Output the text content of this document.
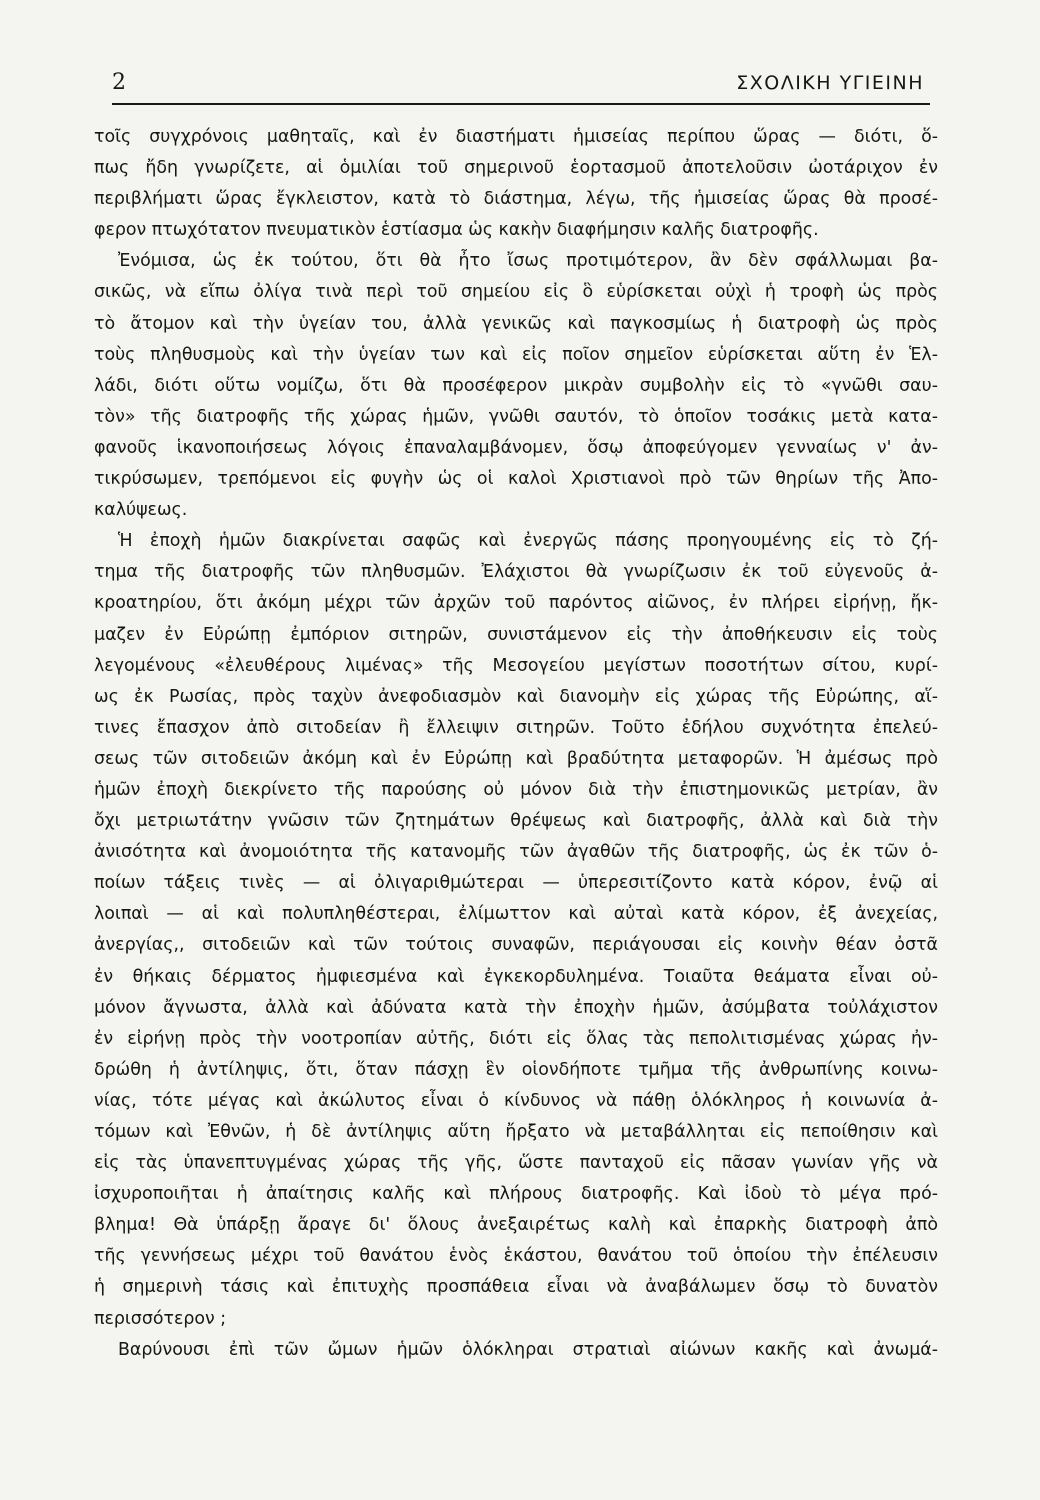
2	ΣΧΟΛΙΚΗ ΥΓΙΕΙΝΗ
τοῖς συγχρόνοις μαθηταῖς, καὶ ἐν διαστήματι ἡμισείας περίπου ὥρας — διότι, ὅ-
πως ἤδη γνωρίζετε, αἱ ὁμιλίαι τοῦ σημερινοῦ ἑορτασμοῦ ἀποτελοῦσιν ὠοτάριχον ἐν
περιβλήματι ὥρας ἔγκλειστον, κατὰ τὸ διάστημα, λέγω, τῆς ἡμισείας ὥρας θὰ προσέ-
φερον πτωχότατον πνευματικὸν ἑστίασμα ὡς κακὴν διαφήμησιν καλῆς διατροφῆς.
Ἐνόμισα, ὡς ἐκ τούτου, ὅτι θὰ ἦτο ἴσως προτιμότερον, ἂν δὲν σφάλλωμαι βα-
σικῶς, νὰ εἴπω ὀλίγα τινὰ περὶ τοῦ σημείου εἰς ὃ εὑρίσκεται οὐχὶ ἡ τροφὴ ὡς πρὸς
τὸ ἄτομον καὶ τὴν ὑγείαν του, ἀλλὰ γενικῶς καὶ παγκοσμίως ἡ διατροφὴ ὡς πρὸς
τοὺς πληθυσμοὺς καὶ τὴν ὑγείαν των καὶ εἰς ποῖον σημεῖον εὑρίσκεται αὕτη ἐν Ἑλ-
λάδι, διότι οὕτω νομίζω, ὅτι θὰ προσέφερον μικρὰν συμβολὴν εἰς τὸ «γνῶθι σαυ-
τὸν» τῆς διατροφῆς τῆς χώρας ἡμῶν, γνῶθι σαυτόν, τὸ ὁποῖον τοσάκις μετὰ κατα-
φανοῦς ἱκανοποιήσεως λόγοις ἐπαναλαμβάνομεν, ὅσῳ ἀποφεύγομεν γενναίως ν' ἀν-
τικρύσωμεν, τρεπόμενοι εἰς φυγὴν ὡς οἱ καλοὶ Χριστιανοὶ πρὸ τῶν θηρίων τῆς Ἀπο-
καλύψεως.
Ἡ ἐποχὴ ἡμῶν διακρίνεται σαφῶς καὶ ἐνεργῶς πάσης προηγουμένης εἰς τὸ ζή-
τημα τῆς διατροφῆς τῶν πληθυσμῶν. Ἐλάχιστοι θὰ γνωρίζωσιν ἐκ τοῦ εὐγενοῦς ἀ-
κροατηρίου, ὅτι ἀκόμη μέχρι τῶν ἀρχῶν τοῦ παρόντος αἰῶνος, ἐν πλήρει εἰρήνῃ, ἤκ-
μαζεν ἐν Εὐρώπῃ ἐμπόριον σιτηρῶν, συνιστάμενον εἰς τὴν ἀποθήκευσιν εἰς τοὺς
λεγομένους «ἐλευθέρους λιμένας» τῆς Μεσογείου μεγίστων ποσοτήτων σίτου, κυρί-
ως ἐκ Ρωσίας, πρὸς ταχὺν ἀνεφοδιασμὸν καὶ διανομὴν εἰς χώρας τῆς Εὐρώπης, αἵ-
τινες ἔπασχον ἀπὸ σιτοδείαν ἢ ἔλλειψιν σιτηρῶν. Τοῦτο ἐδήλου συχνότητα ἐπελεύ-
σεως τῶν σιτοδειῶν ἀκόμη καὶ ἐν Εὐρώπῃ καὶ βραδύτητα μεταφορῶν. Ἡ ἀμέσως πρὸ
ἡμῶν ἐποχὴ διεκρίνετο τῆς παρούσης οὐ μόνον διὰ τὴν ἐπιστημονικῶς μετρίαν, ἂν
ὄχι μετριωτάτην γνῶσιν τῶν ζητημάτων θρέψεως καὶ διατροφῆς, ἀλλὰ καὶ διὰ τὴν
ἀνισότητα καὶ ἀνομοιότητα τῆς κατανομῆς τῶν ἀγαθῶν τῆς διατροφῆς, ὡς ἐκ τῶν ὁ-
ποίων τάξεις τινὲς — αἱ ὀλιγαριθμώτεραι — ὑπερεσιτίζοντο κατὰ κόρον, ἐνῷ αἱ
λοιπαὶ — αἱ καὶ πολυπληθέστεραι, ἐλίμωττον καὶ αὐταὶ κατὰ κόρον, ἐξ ἀνεχείας,
ἀνεργίας,, σιτοδειῶν καὶ τῶν τούτοις συναφῶν, περιάγουσαι εἰς κοινὴν θέαν ὀστᾶ
ἐν θήκαις δέρματος ἠμφιεσμένα καὶ ἐγκεκορδυλημένα. Τοιαῦτα θεάματα εἶναι οὐ-
μόνον ἄγνωστα, ἀλλὰ καὶ ἀδύνατα κατὰ τὴν ἐποχὴν ἡμῶν, ἀσύμβατα τοὐλάχιστον
ἐν εἰρήνῃ πρὸς τὴν νοοτροπίαν αὐτῆς, διότι εἰς ὅλας τὰς πεπολιτισμένας χώρας ἠν-
δρώθη ἡ ἀντίληψις, ὅτι, ὅταν πάσχῃ ἓν οἱονδήποτε τμῆμα τῆς ἀνθρωπίνης κοινω-
νίας, τότε μέγας καὶ ἀκώλυτος εἶναι ὁ κίνδυνος νὰ πάθῃ ὁλόκληρος ἡ κοινωνία ἀ-
τόμων καὶ Ἐθνῶν, ἡ δὲ ἀντίληψις αὕτη ἤρξατο νὰ μεταβάλληται εἰς πεποίθησιν καὶ
εἰς τὰς ὑπανεπτυγμένας χώρας τῆς γῆς, ὥστε πανταχοῦ εἰς πᾶσαν γωνίαν γῆς νὰ
ἰσχυροποιῆται ἡ ἀπαίτησις καλῆς καὶ πλήρους διατροφῆς. Καὶ ἰδοὺ τὸ μέγα πρό-
βλημα! Θὰ ὑπάρξῃ ἄραγε δι' ὅλους ἀνεξαιρέτως καλὴ καὶ ἐπαρκὴς διατροφὴ ἀπὸ
τῆς γεννήσεως μέχρι τοῦ θανάτου ἑνὸς ἑκάστου, θανάτου τοῦ ὁποίου τὴν ἐπέλευσιν
ἡ σημερινὴ τάσις καὶ ἐπιτυχὴς προσπάθεια εἶναι νὰ ἀναβάλωμεν ὅσῳ τὸ δυνατὸν
περισσότερον ;
Βαρύνουσι ἐπὶ τῶν ὤμων ἡμῶν ὁλόκληραι στρατιαὶ αἰώνων κακῆς καὶ ἀνωμά-
